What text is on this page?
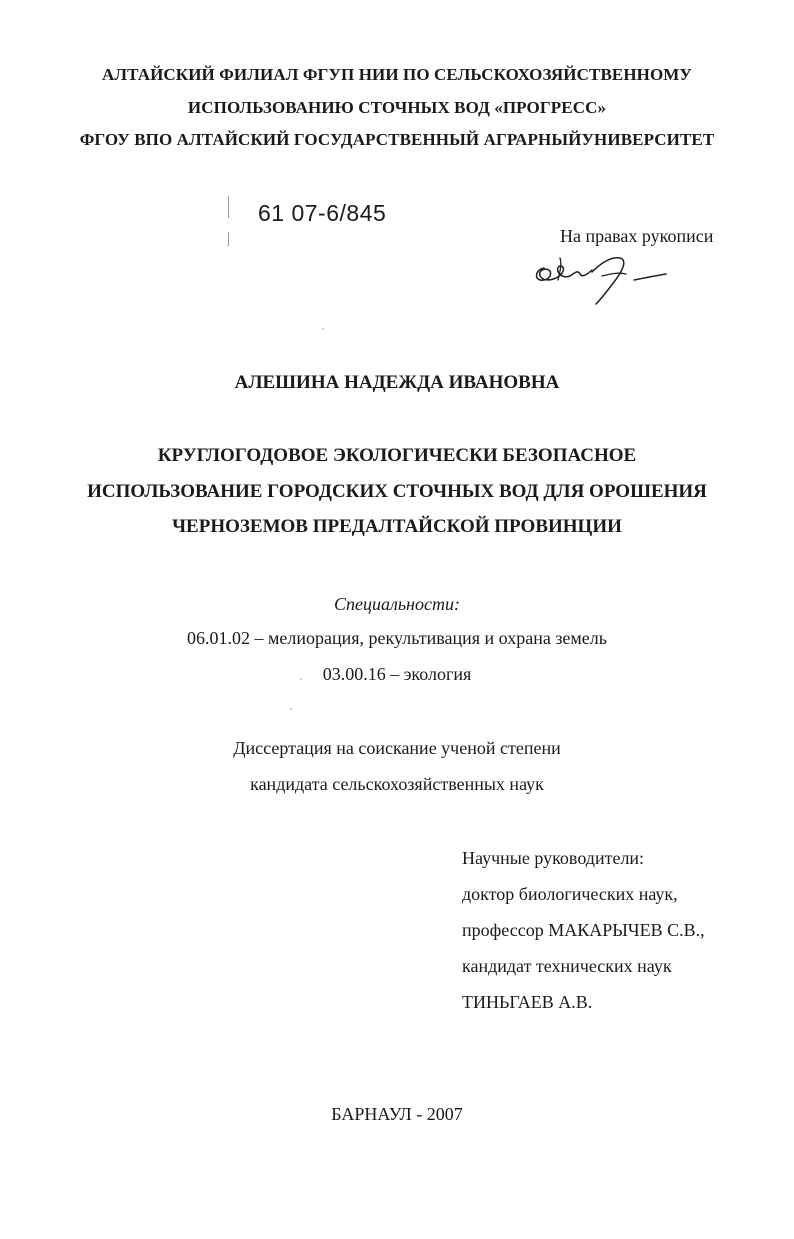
АЛТАЙСКИЙ ФИЛИАЛ ФГУП НИИ ПО СЕЛЬСКОХОЗЯЙСТВЕННОМУ
ИСПОЛЬЗОВАНИЮ СТОЧНЫХ ВОД «ПРОГРЕСС»
ФГОУ ВПО АЛТАЙСКИЙ ГОСУДАРСТВЕННЫЙ АГРАРНЫЙУНИВЕРСИТЕТ
61 07-6/845
На правах рукописи
АЛЕШИНА НАДЕЖДА ИВАНОВНА
КРУГЛОГОДОВОЕ ЭКОЛОГИЧЕСКИ БЕЗОПАСНОЕ
ИСПОЛЬЗОВАНИЕ ГОРОДСКИХ СТОЧНЫХ ВОД ДЛЯ ОРОШЕНИЯ
ЧЕРНОЗЕМОВ ПРЕДАЛТАЙСКОЙ ПРОВИНЦИИ
Специальности:
06.01.02 – мелиорация, рекультивация и охрана земель
03.00.16 – экология
Диссертация на соискание ученой степени
кандидата сельскохозяйственных наук
Научные руководители:
доктор биологических наук,
профессор МАКАРЫЧЕВ С.В.,
кандидат технических наук
ТИНЬГАЕВ А.В.
БАРНАУЛ - 2007
